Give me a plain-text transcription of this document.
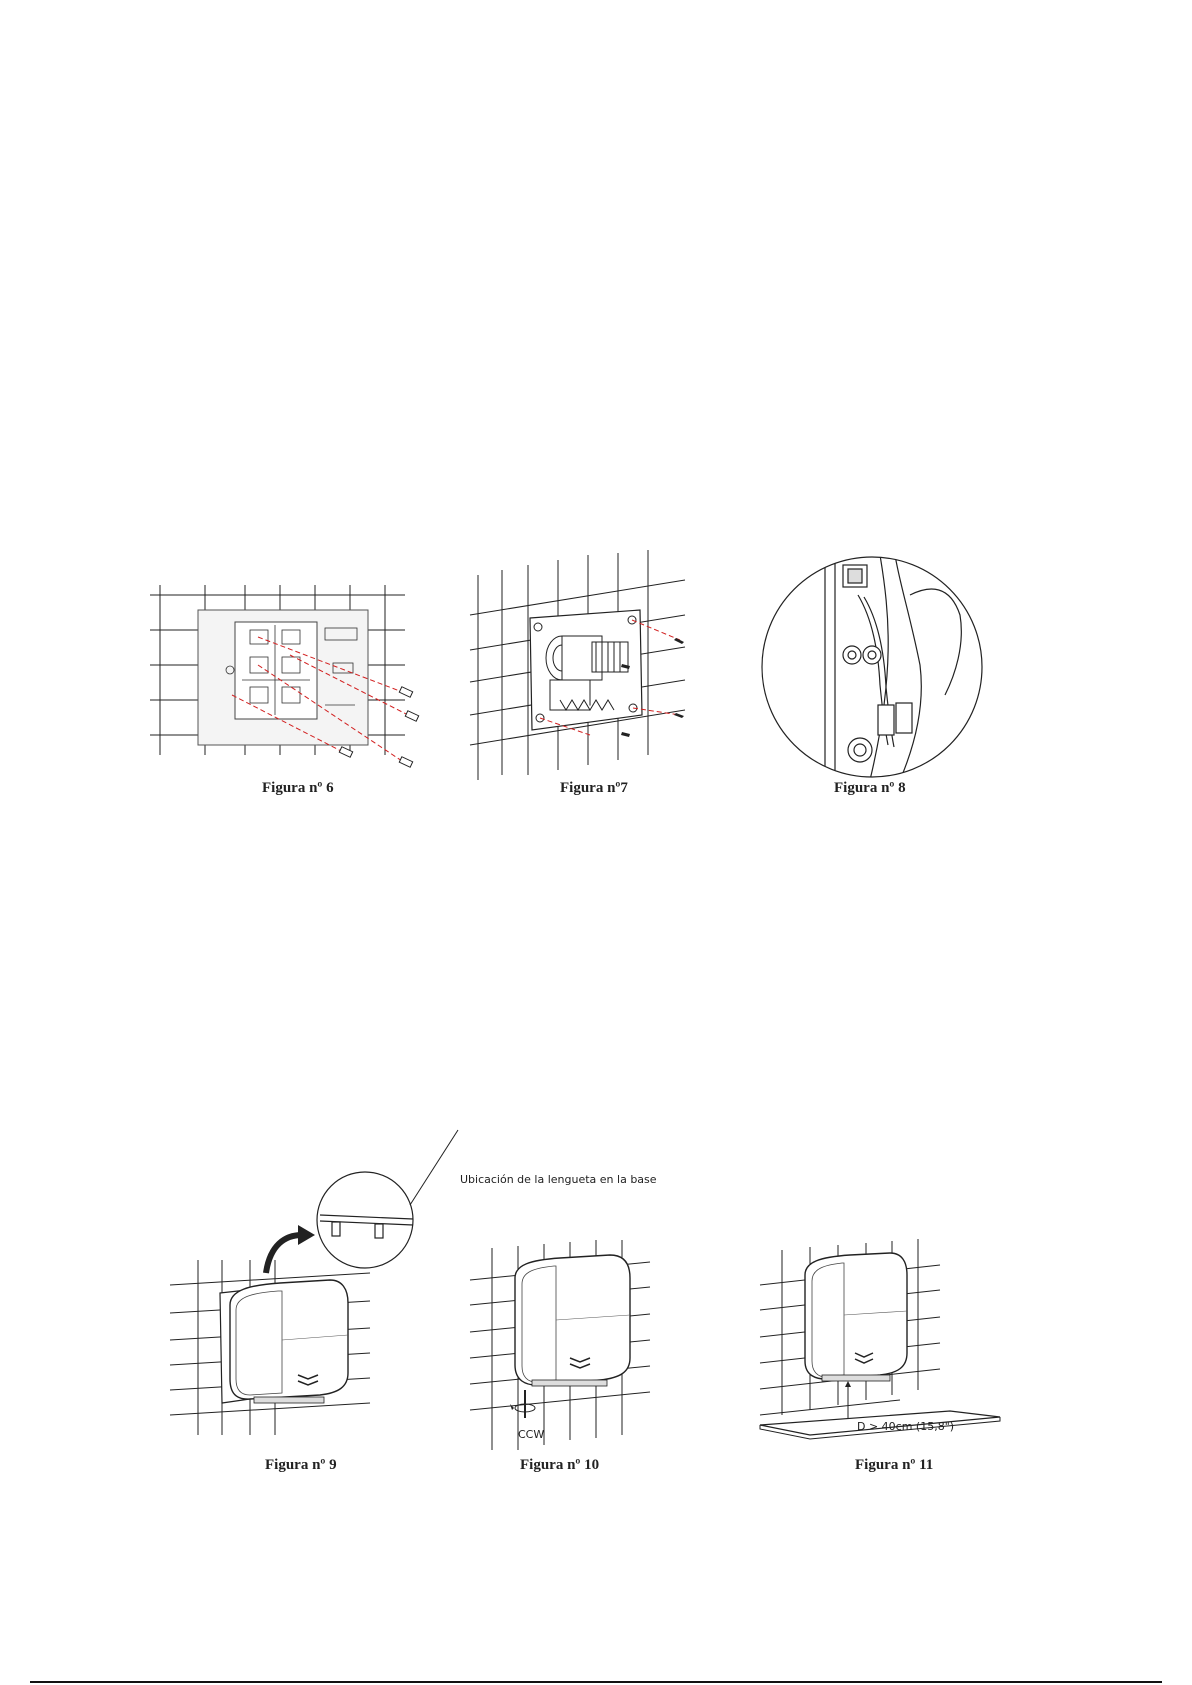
Figura nº 6	Figura nº7	Figura nº 8
Ubicación de la lengueta en la base
Figura nº 9
CCW
Figura nº 10
D > 40cm (15,8")
Figura nº 11
